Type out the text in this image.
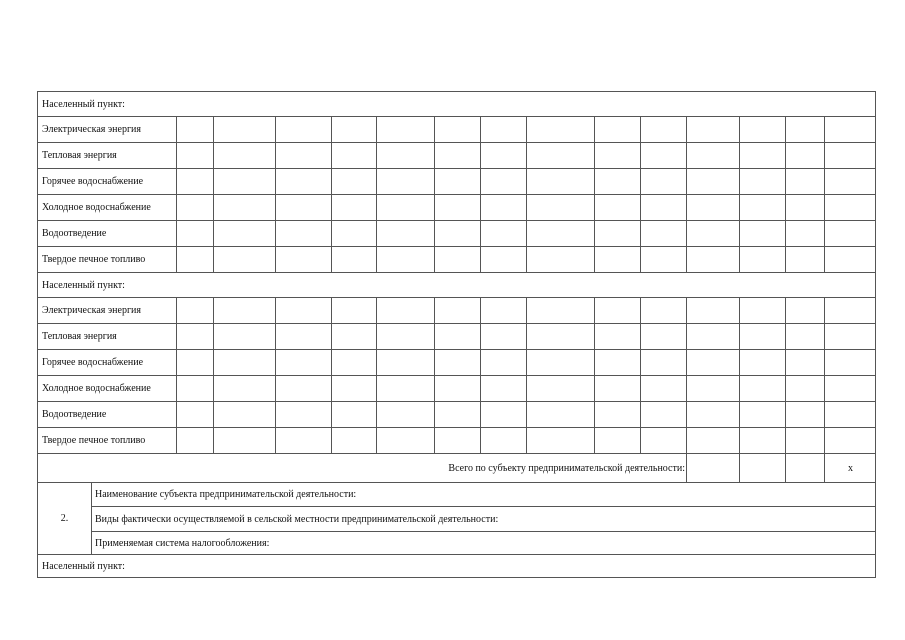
Населенный пункт:
Электрическая энергия
Тепловая энергия
Горячее водоснабжение
Холодное водоснабжение
Водоотведение
Твердое печное топливо
Населенный пункт:
Электрическая энергия
Тепловая энергия
Горячее водоснабжение
Холодное водоснабжение
Водоотведение
Твердое печное топливо
Всего по субъекту предпринимательской деятельности:	x
2.
Наименование субъекта предпринимательской деятельности:
Виды фактически осуществляемой в сельской местности предпринимательской деятельности:
Применяемая система налогообложения:
Населенный пункт:
